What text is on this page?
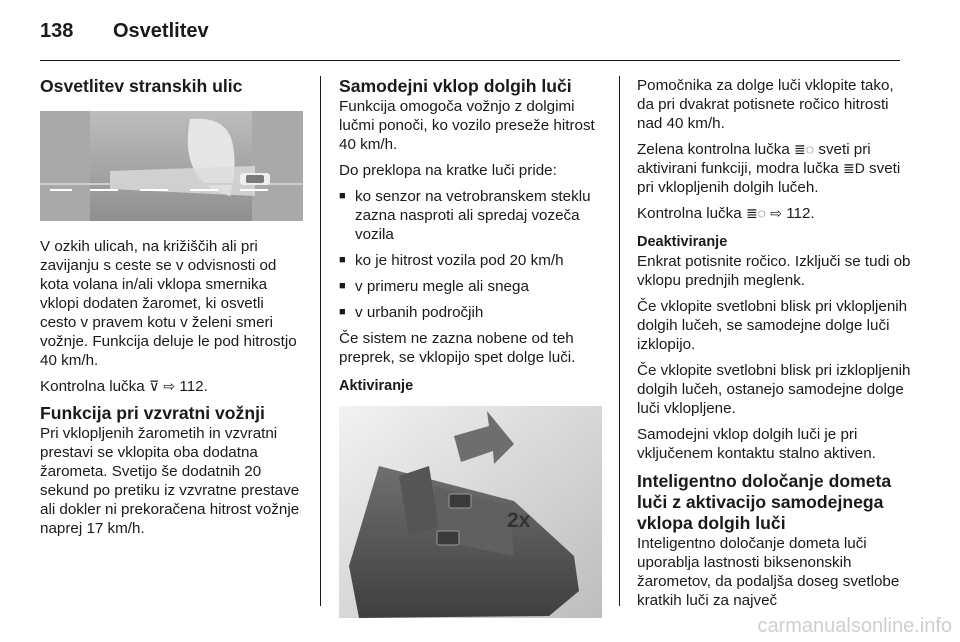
138 Osvetlitev
Osvetlitev stranskih ulic

V ozkih ulicah, na križiščih ali pri zavijanju s ceste se v odvisnosti od kota volana in/ali vklopa smernika vklopi dodaten žaromet, ki osvetli cesto v pravem kotu v želeni smeri vožnje. Funkcija deluje le pod hitrostjo 40 km/h.

Kontrolna lučka ⊽ ⇨ 112.

Funkcija pri vzvratni vožnji

Pri vklopljenih žarometih in vzvratni prestavi se vklopita oba dodatna žarometa. Svetijo še dodatnih 20 sekund po pretiku iz vzvratne prestave ali dokler ni prekoračena hitrost vožnje naprej 17 km/h.

Samodejni vklop dolgih luči

Funkcija omogoča vožnjo z dolgimi lučmi ponoči, ko vozilo preseže hitrost 40 km/h.

Do preklopa na kratke luči pride:

■ ko senzor na vetrobranskem steklu zazna nasproti ali spredaj vozeča vozila
■ ko je hitrost vozila pod 20 km/h
■ v primeru megle ali snega
■ v urbanih področjih

Če sistem ne zazna nobene od teh preprek, se vklopijo spet dolge luči.

Aktiviranje
2x

Pomočnika za dolge luči vklopite tako, da pri dvakrat potisnete ročico hitrosti nad 40 km/h.

Zelena kontrolna lučka ≣◌ sveti pri aktivirani funkciji, modra lučka ≣D sveti pri vklopljenih dolgih lučeh.

Kontrolna lučka ≣◌ ⇨ 112.

Deaktiviranje

Enkrat potisnite ročico. Izključi se tudi ob vklopu prednjih meglenk.

Če vklopite svetlobni blisk pri vklopljenih dolgih lučeh, se samodejne dolge luči izklopijo.

Če vklopite svetlobni blisk pri izklopljenih dolgih lučeh, ostanejo samodejne dolge luči vklopljene.

Samodejni vklop dolgih luči je pri vključenem kontaktu stalno aktiven.

Inteligentno določanje dometa luči z aktivacijo samodejnega vklopa dolgih luči

Inteligentno določanje dometa luči uporablja lastnosti biksenonskih žarometov, da podaljša doseg svetlobe kratkih luči za največ

carmanualsonline.info
